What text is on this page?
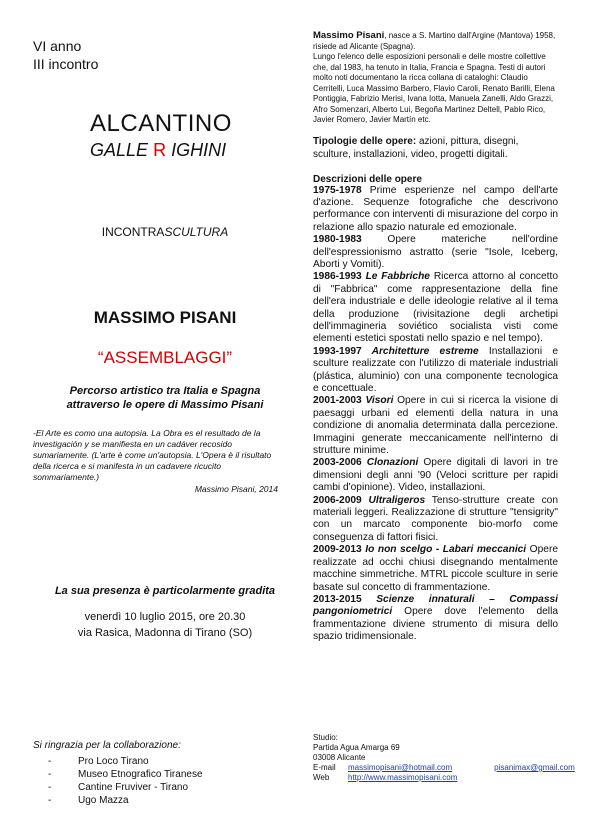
VI anno
III incontro
ALCANTINO
GALLE R IGHINI
INCONTRASCULTURA
MASSIMO PISANI
“ASSEMBLAGGI”
Percorso artistico tra Italia e Spagna
attraverso le opere di Massimo Pisani
-El Arte es como una autopsia. La Obra es el resultado de la investigación y se manifiesta en un cadáver recosido sumariamente. (L'arte è come un'autopsia. L'Opera è il risultato della ricerca e si manifesta in un cadavere ricucito sommariamente.)
Massimo Pisani, 2014
La sua presenza è particolarmente gradita
venerdì 10 luglio 2015, ore 20.30
via Rasica, Madonna di Tirano (SO)
Si ringrazia per la collaborazione:
- Pro Loco Tirano
- Museo Etnografico Tiranese
- Cantine Fruviver - Tirano
- Ugo Mazza
Massimo Pisani, nasce a S. Martino dall'Argine (Mantova) 1958, risiede ad Alicante (Spagna).
Lungo l'elenco delle esposizioni personali e delle mostre collettive che, dal 1983, ha tenuto in Italia, Francia e Spagna. Testi di autori molto noti documentano la ricca collana di cataloghi: Claudio Cerritelli, Luca Massimo Barbero, Flavio Caroli, Renato Barilli, Elena Pontiggia, Fabrizio Merisi, Ivana Iotta, Manuela Zanelli, Aldo Grazzi, Afro Somenzari, Alberto Lui, Begoña Martinez Deltell, Pablo Rico, Javier Romero, Javier Martín etc.
Tipologie delle opere: azioni, pittura, disegni, sculture, installazioni, video, progetti digitali.
Descrizioni delle opere
1975-1978 Prime esperienze nel campo dell'arte d'azione. Sequenze fotografiche che descrivono performance con interventi di misurazione del corpo in relazione allo spazio naturale ed emozionale.
1980-1983 Opere materiche nell'ordine dell'espressionismo astratto (serie "Isole, Iceberg, Aborti y Vomiti).
1986-1993 Le Fabbriche Ricerca attorno al concetto di "Fabbrica" come rappresentazione della fine dell'era industriale e delle ideologie relative al il tema della produzione (rivisitazione degli archetipi dell'immagineria soviético socialista visti come elementi estetici spostati nello spazio e nel tempo).
1993-1997 Architetture estreme Installazioni e sculture realizzate con l'utilizzo di materiale industriali (plástica, aluminio) con una componente tecnologica e concettuale.
2001-2003 Visori Opere in cui si ricerca la visione di paesaggi urbani ed elementi della natura in una condizione di anomalia determinata dalla percezione. Immagini generate meccanicamente nell'interno di strutture minime.
2003-2006 Clonazioni Opere digitali di lavori in tre dimensioni degli anni '90 (Veloci scritture per rapidi cambi d'opinione). Video, installazioni.
2006-2009 Ultraligeros Tenso-strutture create con materiali leggeri. Realizzazione di strutture "tensigrity" con un marcato componente bio-morfo come conseguenza di fattori fisici.
2009-2013 Io non scelgo - Labari meccanici Opere realizzate ad occhi chiusi disegnando mentalmente macchine simmetriche. MTRL piccole sculture in serie basate sul concetto di frammentazione.
2013-2015 Scienze innaturali – Compassi pangoniometrici Opere dove l'elemento della frammentazione diviene strumento di misura dello spazio tridimensionale.
Studio:
Partida Agua Amarga 69
03008 Alicante
E-mail	massimopisani@hotmail.com	pisanimax@gmail.com
Web	http://www.massimopisani.com
